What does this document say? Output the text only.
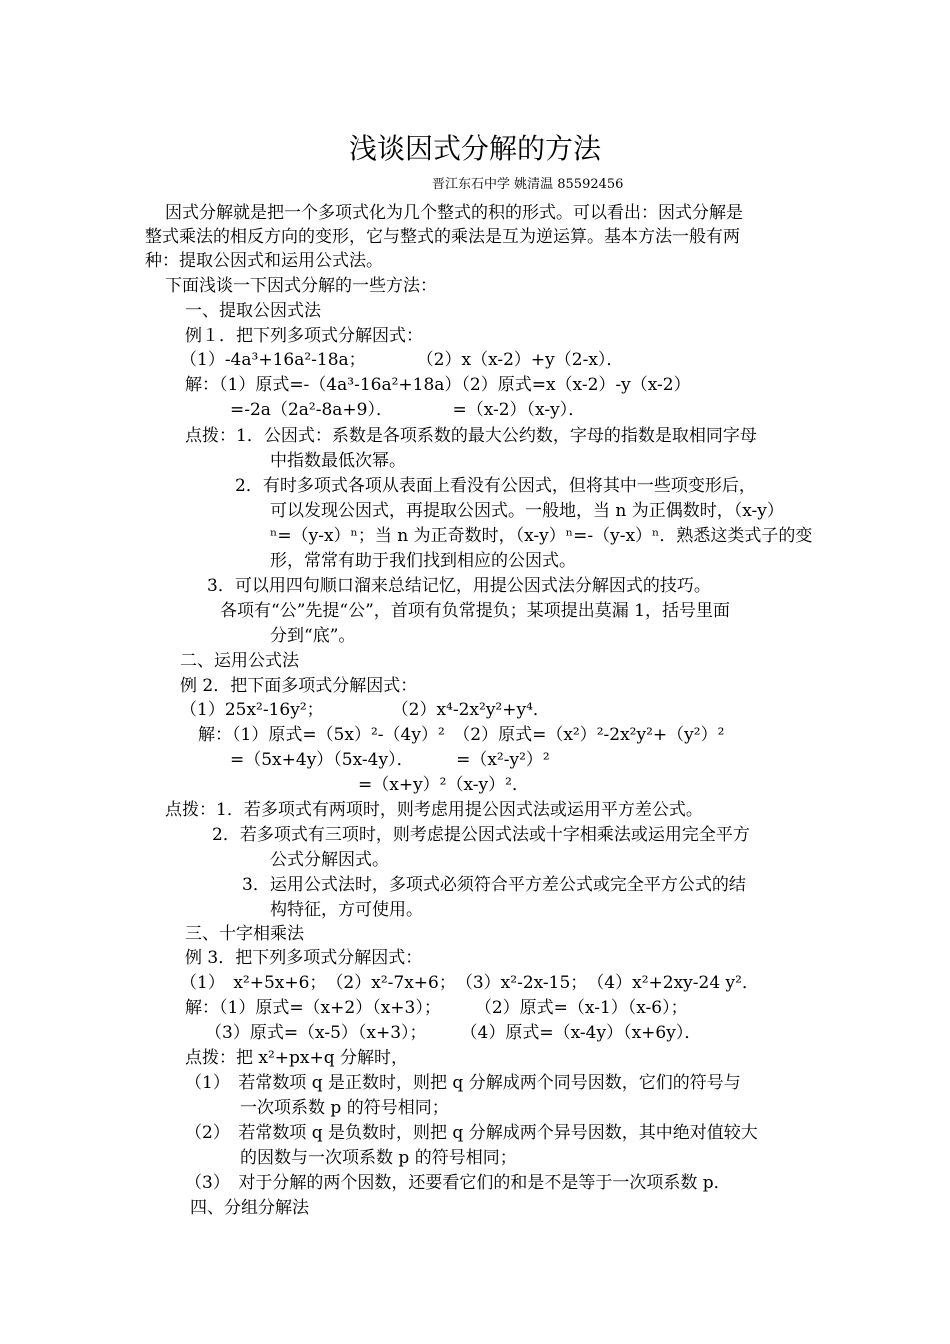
浅谈因式分解的方法
晋江东石中学 姚清温 85592456
因式分解就是把一个多项式化为几个整式的积的形式。可以看出：因式分解是
整式乘法的相反方向的变形，它与整式的乘法是互为逆运算。基本方法一般有两
种：提取公因式和运用公式法。
下面浅谈一下因式分解的一些方法：
一、提取公因式法
例１．把下列多项式分解因式：
（1）-4a³+16a²-18a；　　　　（2）x（x-2）+y（2-x）．
解：（1）原式=-（4a³-16a²+18a）（2）原式=x（x-2）-y（x-2）
=-2a（2a²-8a+9）．　　　　=（x-2）（x-y）．
点拨：1．公因式：系数是各项系数的最大公约数，字母的指数是取相同字母
中指数最低次幂。
2．有时多项式各项从表面上看没有公因式，但将其中一些项变形后，
可以发现公因式，再提取公因式。一般地，当 n 为正偶数时，（x-y）
ⁿ=（y-x）ⁿ；当 n 为正奇数时，（x-y）ⁿ=-（y-x）ⁿ．熟悉这类式子的变
形，常常有助于我们找到相应的公因式。
3．可以用四句顺口溜来总结记忆，用提公因式法分解因式的技巧。
各项有“公”先提“公”，首项有负常提负；某项提出莫漏 1，括号里面
分到“底”。
二、运用公式法
例 2．把下面多项式分解因式：
（1）25x²-16y²；　　　　　（2）x⁴-2x²y²+y⁴．
解：（1）原式=（5x）²-（4y）²　（2）原式=（x²）²-2x²y²+（y²）²
=（5x+4y）（5x-4y）．　　　=（x²-y²）²
=（x+y）²（x-y）²．
点拨：1．若多项式有两项时，则考虑用提公因式法或运用平方差公式。
2．若多项式有三项时，则考虑提公因式法或十字相乘法或运用完全平方
公式分解因式。
3．运用公式法时，多项式必须符合平方差公式或完全平方公式的结
构特征，方可使用。
三、十字相乘法
例 3．把下列多项式分解因式：
（1）　x²+5x+6；　（2）x²-7x+6；　（3）x²-2x-15；　（4）x²+2xy-24 y²．
解：（1）原式=（x+2）（x+3）；　　　（2）原式=（x-1）（x-6）；
（3）原式=（x-5）（x+3）；　　　（4）原式=（x-4y）（x+6y）．
点拨：把 x²+px+q 分解时，
（1）　若常数项 q 是正数时，则把 q 分解成两个同号因数，它们的符号与
一次项系数 p 的符号相同；
（2）　若常数项 q 是负数时，则把 q 分解成两个异号因数，其中绝对值较大
的因数与一次项系数 p 的符号相同；
（3）　对于分解的两个因数，还要看它们的和是不是等于一次项系数 p．
四、分组分解法
